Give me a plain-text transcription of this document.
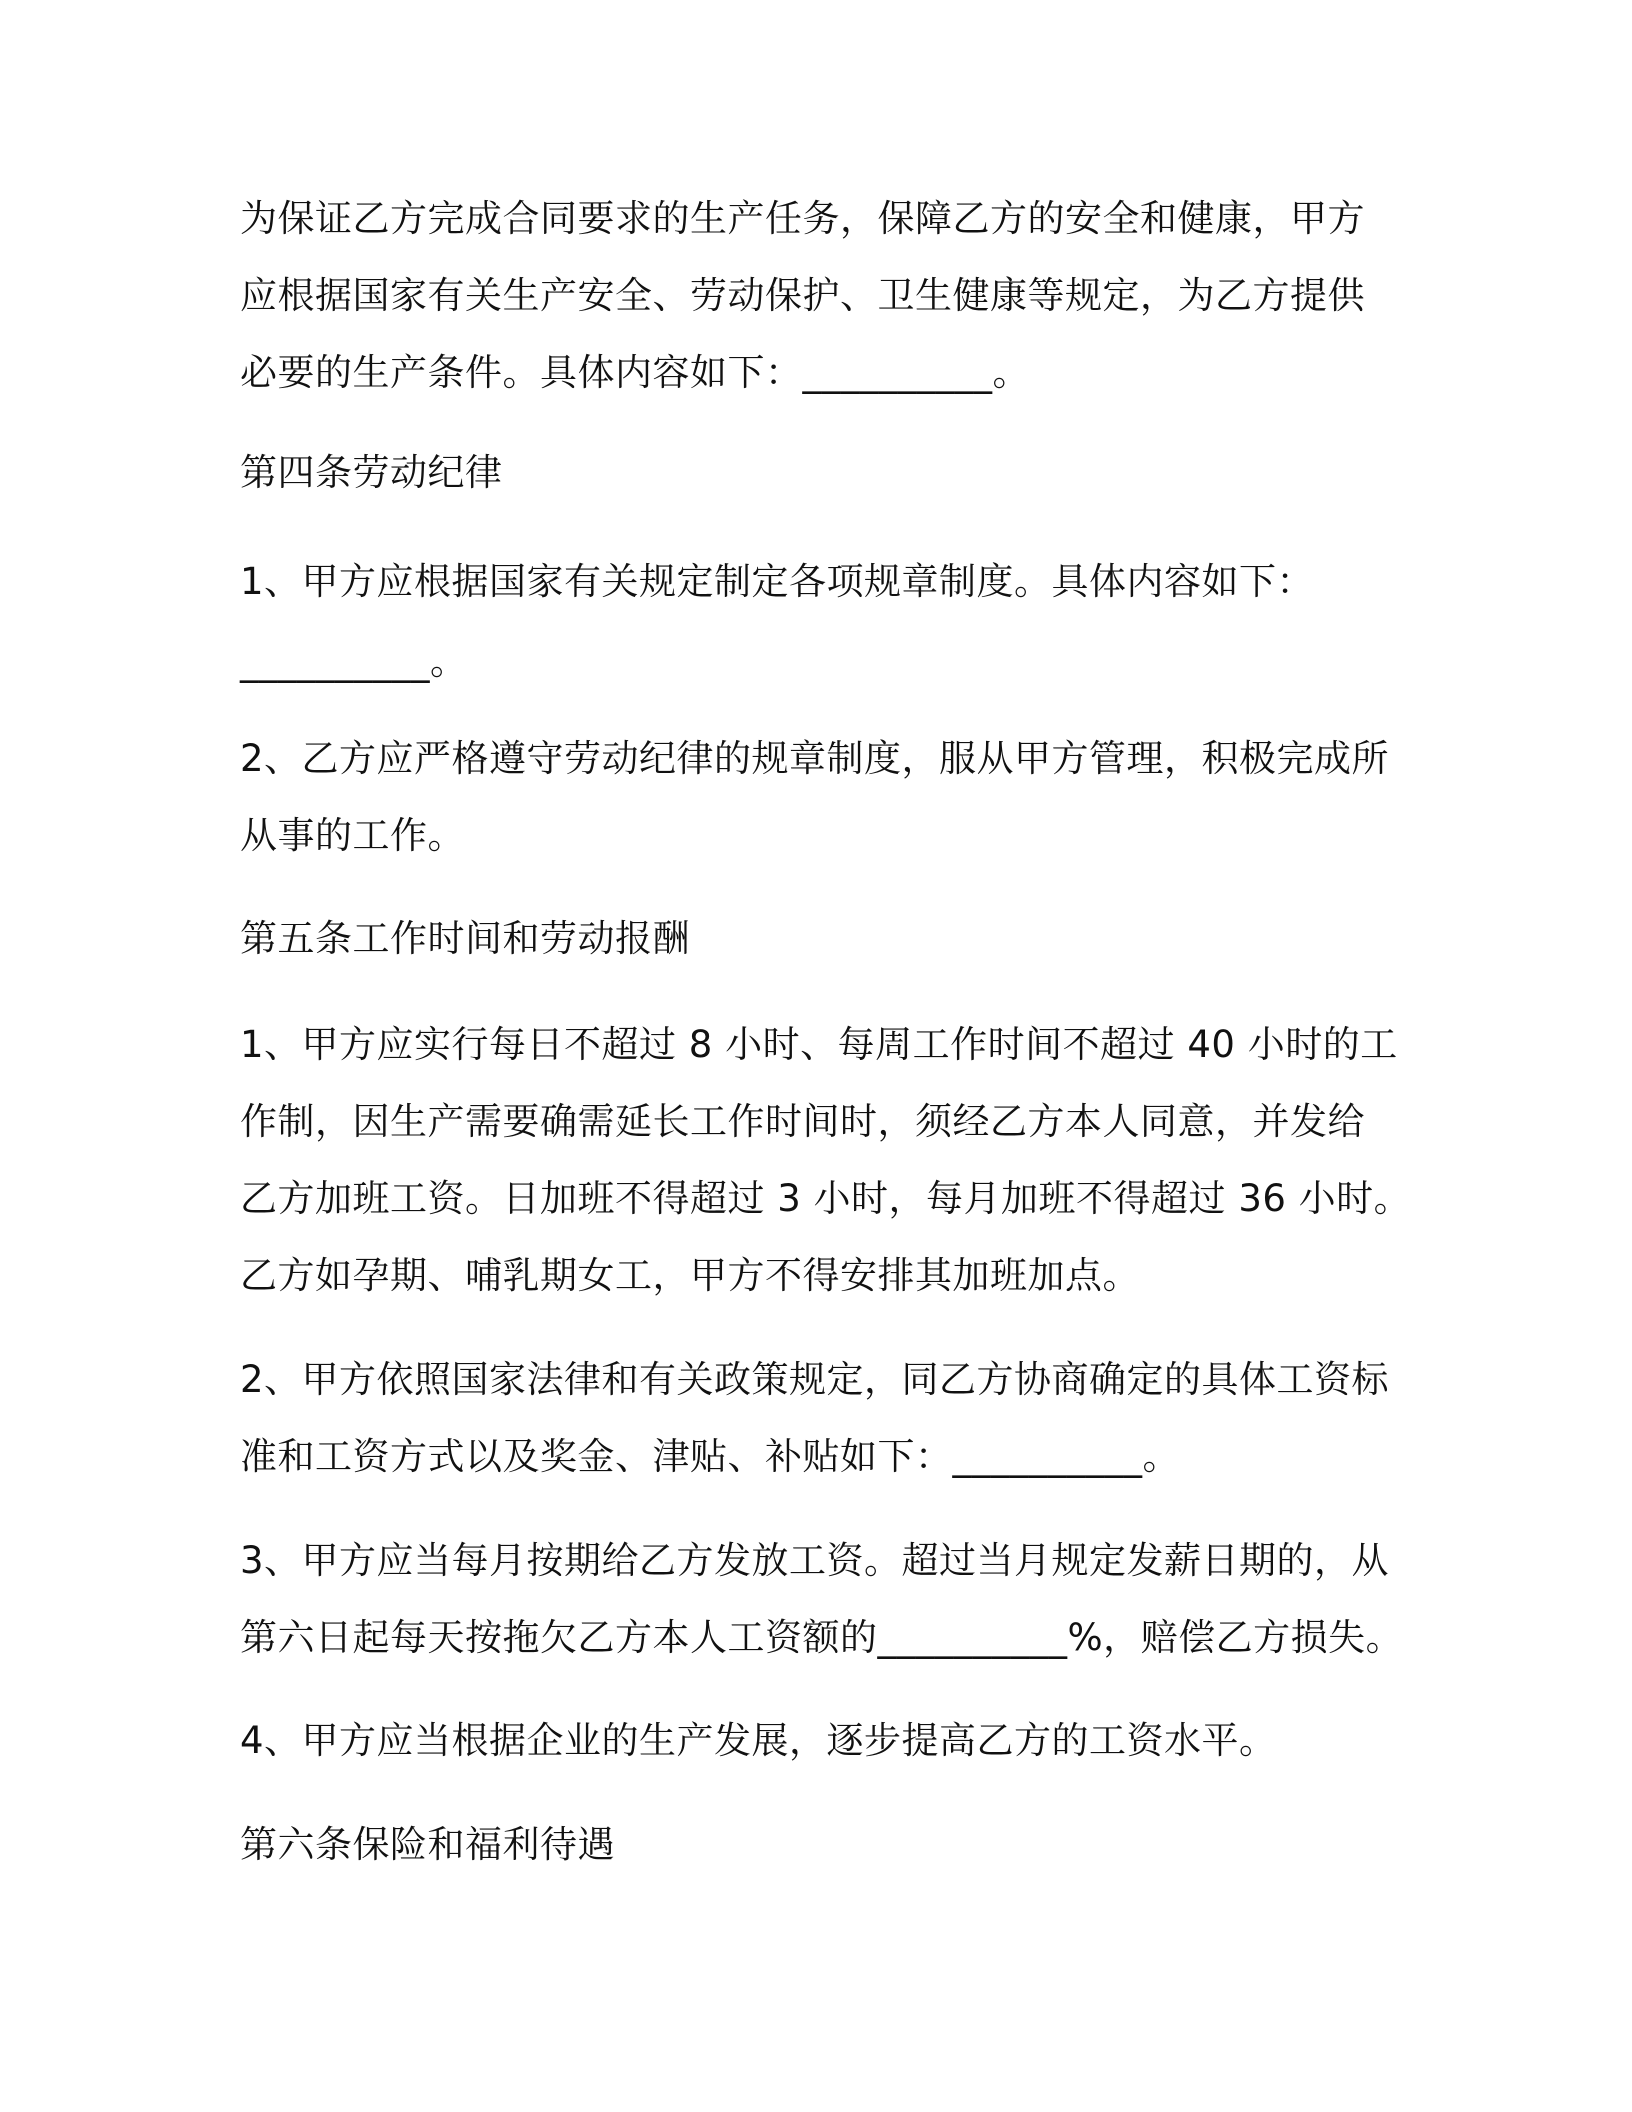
为保证乙方完成合同要求的生产任务，保障乙方的安全和健康，甲方
应根据国家有关生产安全、劳动保护、卫生健康等规定，为乙方提供
必要的生产条件。具体内容如下：__________。

第四条劳动纪律

1、甲方应根据国家有关规定制定各项规章制度。具体内容如下：

__________。

2、乙方应严格遵守劳动纪律的规章制度，服从甲方管理，积极完成所
从事的工作。

第五条工作时间和劳动报酬

1、甲方应实行每日不超过 8 小时、每周工作时间不超过 40 小时的工
作制，因生产需要确需延长工作时间时，须经乙方本人同意，并发给
乙方加班工资。日加班不得超过 3 小时，每月加班不得超过 36 小时。
乙方如孕期、哺乳期女工，甲方不得安排其加班加点。

2、甲方依照国家法律和有关政策规定，同乙方协商确定的具体工资标
准和工资方式以及奖金、津贴、补贴如下：__________。

3、甲方应当每月按期给乙方发放工资。超过当月规定发薪日期的，从
第六日起每天按拖欠乙方本人工资额的__________%，赔偿乙方损失。

4、甲方应当根据企业的生产发展，逐步提高乙方的工资水平。

第六条保险和福利待遇
